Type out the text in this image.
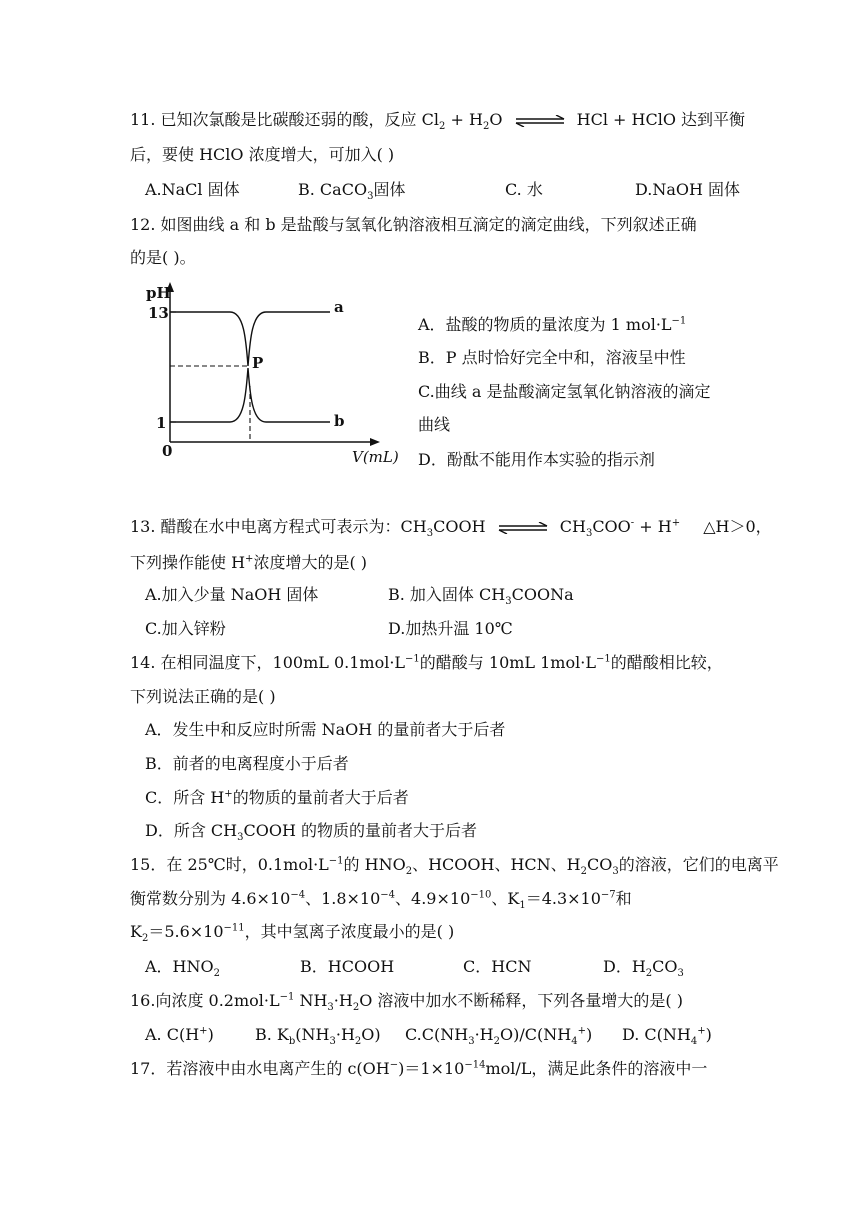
11. 已知次氯酸是比碳酸还弱的酸，反应 $Cl_2 + H_2O$ ⇌ HCl + HClO 达到平衡
后，要使 HClO 浓度增大，可加入( )
A.NaCl 固体	B. CaCO$_3$固体	C. 水	D.NaOH 固体
12. 如图曲线 a 和 b 是盐酸与氢氧化钠溶液相互滴定的滴定曲线，下列叙述正确
的是( )。
pH
V(mL)
13
1
0
a
b
P
A．盐酸的物质的量浓度为 1 $mol\cdot L^{-1}$
B．P 点时恰好完全中和，溶液呈中性
C.曲线 a 是盐酸滴定氢氧化钠溶液的滴定
曲线
D．酚酞不能用作本实验的指示剂
13. 醋酸在水中电离方程式可表示为：$CH_3COOH$ ⇌ $CH_3COO^- + H^+$ △H＞0，
下列操作能使 H+浓度增大的是( )
A.加入少量 NaOH 固体	B. 加入固体 $CH_3COONa$
C.加入锌粉	D.加热升温 10℃
14. 在相同温度下，100mL $0.1mol\cdot L^{-1}$的醋酸与 10mL $1mol\cdot L^{-1}$的醋酸相比较，
下列说法正确的是( )
A．发生中和反应时所需 NaOH 的量前者大于后者
B．前者的电离程度小于后者
C．所含 H+的物质的量前者大于后者
D．所含 $CH_3COOH$ 的物质的量前者大于后者
15．在 25℃时，$0.1mol\cdot L^{-1}$的 $HNO_2$、HCOOH、HCN、$H_2CO_3$的溶液，它们的电离平
衡常数分别为 $4.6\times 10^{-4}$、$1.8\times 10^{-4}$、$4.9\times 10^{-10}$、$K_1=4.3\times 10^{-7}$和
$K_2=5.6\times 10^{-11}$，其中氢离子浓度最小的是( )
A．$HNO_2$	B．HCOOH	C．HCN	D．$H_2CO_3$
16.向浓度 $0.2mol\cdot L^{-1}$ $NH_3\cdot H_2O$ 溶液中加水不断稀释，下列各量增大的是( )
A. C(H+)	B. $K_b(NH_3\cdot H_2O)$ $C.C(NH_3\cdot H_2O)/C(NH_4^+)$ D. $C(NH_4^+)$
17．若溶液中由水电离产生的 $c(OH^-)=1\times 10^{-14}mol/L$，满足此条件的溶液中一
